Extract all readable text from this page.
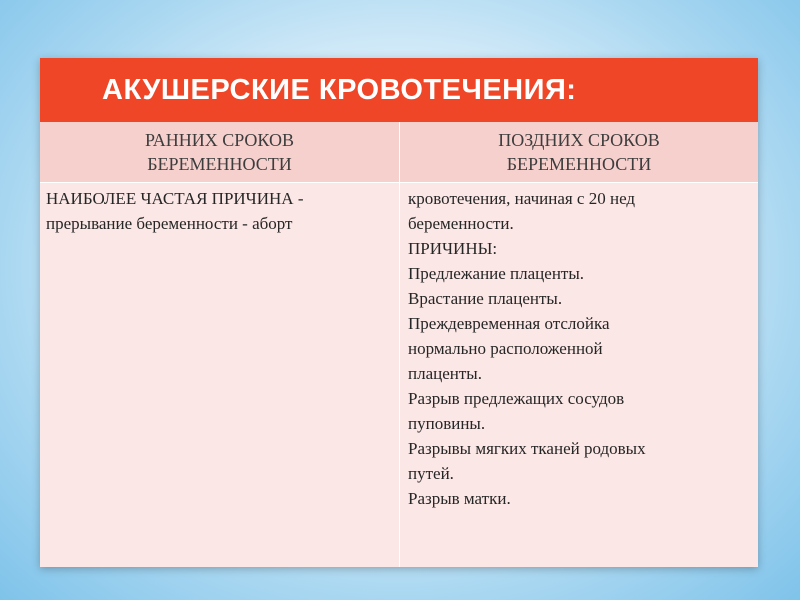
АКУШЕРСКИЕ КРОВОТЕЧЕНИЯ:
РАННИХ СРОКОВ
БЕРЕМЕННОСТИ
ПОЗДНИХ СРОКОВ
БЕРЕМЕННОСТИ
НАИБОЛЕЕ ЧАСТАЯ ПРИЧИНА -
прерывание беременности - аборт
кровотечения, начиная с 20 нед
беременности.
ПРИЧИНЫ:
Предлежание плаценты.
Врастание плаценты.
Преждевременная отслойка
нормально расположенной
плаценты.
Разрыв предлежащих сосудов
пуповины.
Разрывы мягких тканей родовых
путей.
Разрыв матки.
